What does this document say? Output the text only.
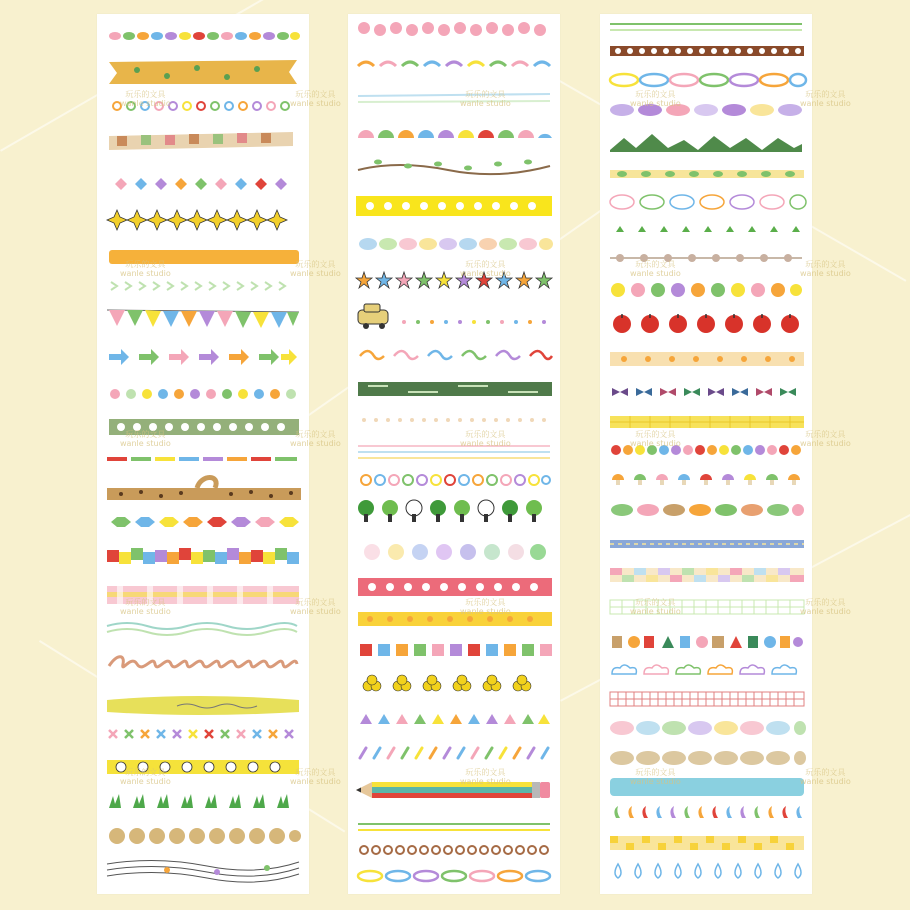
玩乐的文具
wanle studio
玩乐的文具
wanle studio
玩乐的文具
wanle studio
玩乐的文具
wanle studio
玩乐的文具
wanle studio
玩乐的文具
wanle studio
玩乐的文具
wanle studio
玩乐的文具
wanle studio
玩乐的文具
wanle studio
玩乐的文具
wanle studio
玩乐的文具
wanle studio
玩乐的文具
wanle studio
玩乐的文具
wanle studio
玩乐的文具
wanle studio
玩乐的文具
wanle studio
玩乐的文具
wanle studio
玩乐的文具
wanle studio
玩乐的文具
wanle studio
玩乐的文具
wanle studio
玩乐的文具
wanle studio
玩乐的文具
wanle studio
玩乐的文具
wanle studio
玩乐的文具
wanle studio
玩乐的文具
wanle studio
玩乐的文具
wanle studio
